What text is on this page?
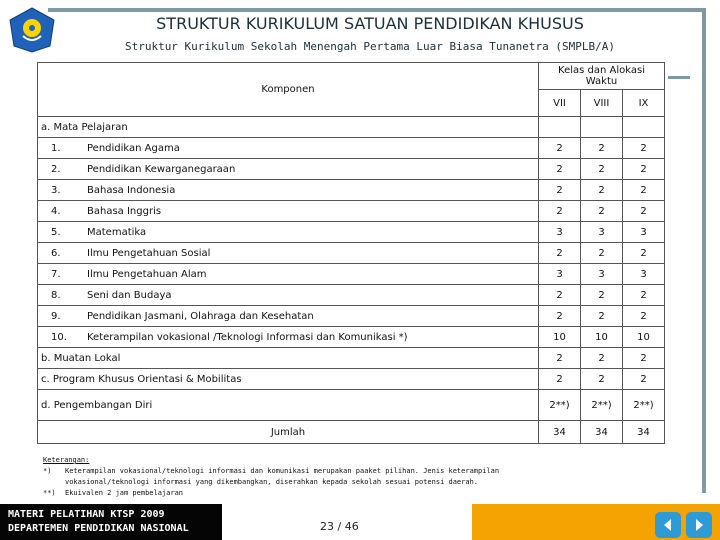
3	STRUKTUR KURIKULUM SATUAN PENDIDIKAN KHUSUS
Struktur Kurikulum Sekolah Menengah Pertama Luar Biasa Tunanetra (SMPLB/A)
Komponen	Kelas dan Alokasi Waktu		
	VII	VIII	IX
a. Mata Pelajaran			
1. Pendidikan Agama	2	2	2
2. Pendidikan Kewarganegaraan	2	2	2
3. Bahasa Indonesia	2	2	2
4. Bahasa Inggris	2	2	2
5. Matematika	3	3	3
6. Ilmu Pengetahuan Sosial	2	2	2
7. Ilmu Pengetahuan Alam	3	3	3
8. Seni dan Budaya	2	2	2
9. Pendidikan Jasmani, Olahraga dan Kesehatan	2	2	2
10. Keterampilan vokasional /Teknologi Informasi dan Komunikasi *)	10	10	10
b. Muatan Lokal	2	2	2
c. Program Khusus Orientasi & Mobilitas	2	2	2
d. Pengembangan Diri	2**)	2**)	2**)
Jumlah	34	34	34
Keterangan:
*) Keterampilan vokasional/teknologi informasi dan komunikasi merupakan paaket pilihan. Jenis keterampilan
vokasional/teknologi informasi yang dikembangkan, diserahkan kepada sekolah sesuai potensi daerah.
**) Ekuivalen 2 jam pembelajaran
MATERI PELATIHAN KTSP 2009
DEPARTEMEN PENDIDIKAN NASIONAL	23 / 46
